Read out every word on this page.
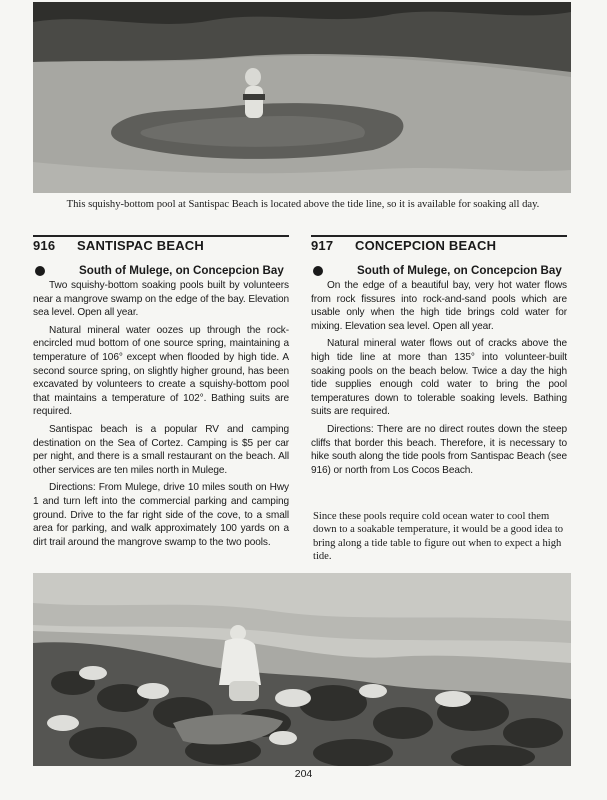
This squishy-bottom pool at Santispac Beach is located above the tide line, so it is available for soaking all day.
916 SANTISPAC BEACH
South of Mulege, on Concepcion Bay

Two squishy-bottom soaking pools built by volunteers near a mangrove swamp on the edge of the bay. Elevation sea level. Open all year.

Natural mineral water oozes up through the rock-encircled mud bottom of one source spring, maintaining a temperature of 106° except when flooded by high tide. A second source spring, on slightly higher ground, has been excavated by volunteers to create a squishy-bottom pool that maintains a temperature of 102°. Bathing suits are required.

Santispac beach is a popular RV and camping destination on the Sea of Cortez. Camping is $5 per car per night, and there is a small restaurant on the beach. All other services are ten miles north in Mulege.

Directions: From Mulege, drive 10 miles south on Hwy 1 and turn left into the commercial parking and camping ground. Drive to the far right side of the cove, to a small area for parking, and walk approximately 100 yards on a dirt trail around the mangrove swamp to the two pools.

917 CONCEPCION BEACH
South of Mulege, on Concepcion Bay

On the edge of a beautiful bay, very hot water flows from rock fissures into rock-and-sand pools which are usable only when the high tide brings cold water for mixing. Elevation sea level. Open all year.

Natural mineral water flows out of cracks above the high tide line at more than 135° into volunteer-built soaking pools on the beach below. Twice a day the high tide supplies enough cold water to bring the pool temperatures down to tolerable soaking levels. Bathing suits are required.

Directions: There are no direct routes down the steep cliffs that border this beach. Therefore, it is necessary to hike south along the tide pools from Santispac Beach (see 916) or north from Los Cocos Beach.

Since these pools require cold ocean water to cool them down to a soakable temperature, it would be a good idea to bring along a tide table to figure out when to expect a high tide.
204
